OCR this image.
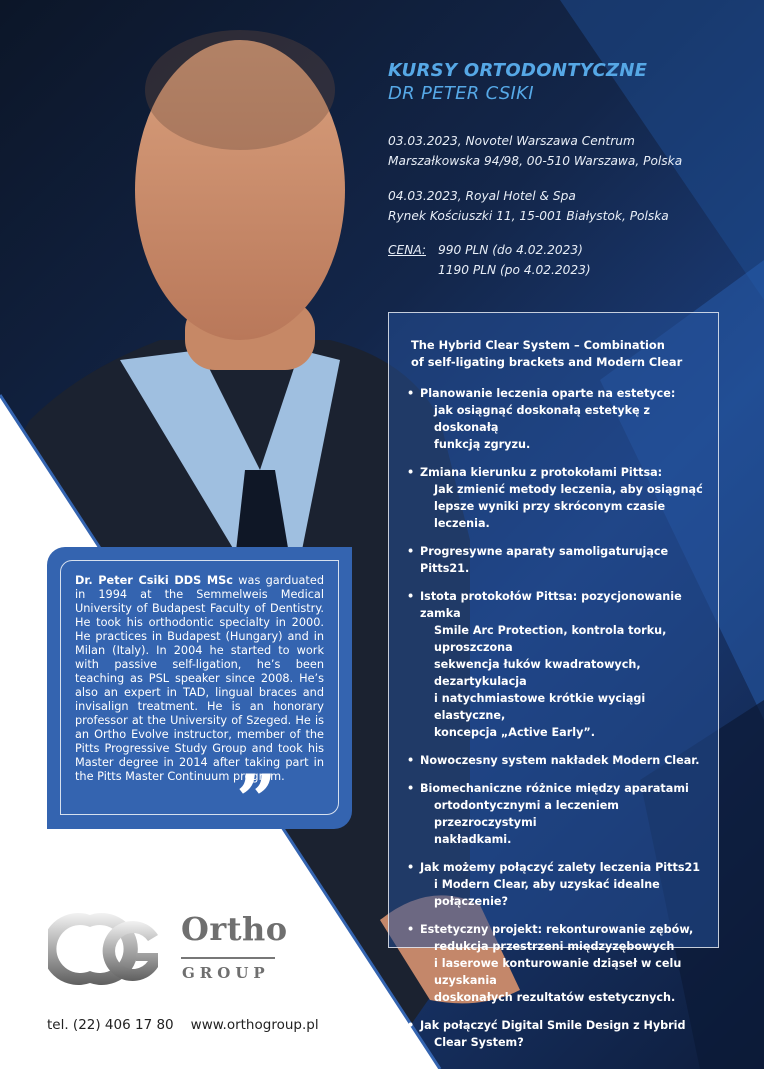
KURSY ORTODONTYCZNE
DR PETER CSIKI
03.03.2023, Novotel Warszawa Centrum
Marszałkowska 94/98, 00-510 Warszawa, Polska
04.03.2023, Royal Hotel & Spa
Rynek Kościuszki 11, 15-001 Białystok, Polska
CENA: 990 PLN (do 4.02.2023)
1190 PLN (po 4.02.2023)
The Hybrid Clear System – Combination
of self-ligating brackets and Modern Clear
• Planowanie leczenia oparte na estetyce:
jak osiągnąć doskonałą estetykę z doskonałą
funkcją zgryzu.
• Zmiana kierunku z protokołami Pittsa:
Jak zmienić metody leczenia, aby osiągnąć
lepsze wyniki przy skróconym czasie leczenia.
• Progresywne aparaty samoligaturujące Pitts21.
• Istota protokołów Pittsa: pozycjonowanie zamka
Smile Arc Protection, kontrola torku, uproszczona
sekwencja łuków kwadratowych, dezartykulacja
i natychmiastowe krótkie wyciągi elastyczne,
koncepcja „Active Early”.
• Nowoczesny system nakładek Modern Clear.
• Biomechaniczne różnice między aparatami
ortodontycznymi a leczeniem przezroczystymi
nakładkami.
• Jak możemy połączyć zalety leczenia Pitts21
i Modern Clear, aby uzyskać idealne połączenie?
• Estetyczny projekt: rekonturowanie zębów,
redukcja przestrzeni międzyzębowych
i laserowe konturowanie dziąseł w celu uzyskania
doskonałych rezultatów estetycznych.
• Jak połączyć Digital Smile Design z Hybrid
Clear System?
Dr. Peter Csiki DDS MSc was garduated in 1994 at the Semmelweis Medical University of Budapest Faculty of Dentistry. He took his orthodontic specialty in 2000. He practices in Budapest (Hungary) and in Milan (Italy). In 2004 he started to work with passive self-ligation, he’s been teaching as PSL speaker since 2008. He’s also an expert in TAD, lingual braces and invisalign treatment. He is an honorary professor at the University of Szeged. He is an Ortho Evolve instructor, member of the Pitts Progressive Study Group and took his Master degree in 2014 after taking part in the Pitts Master Continuum program.
”
Ortho
GROUP
tel. (22) 406 17 80 www.orthogroup.pl
